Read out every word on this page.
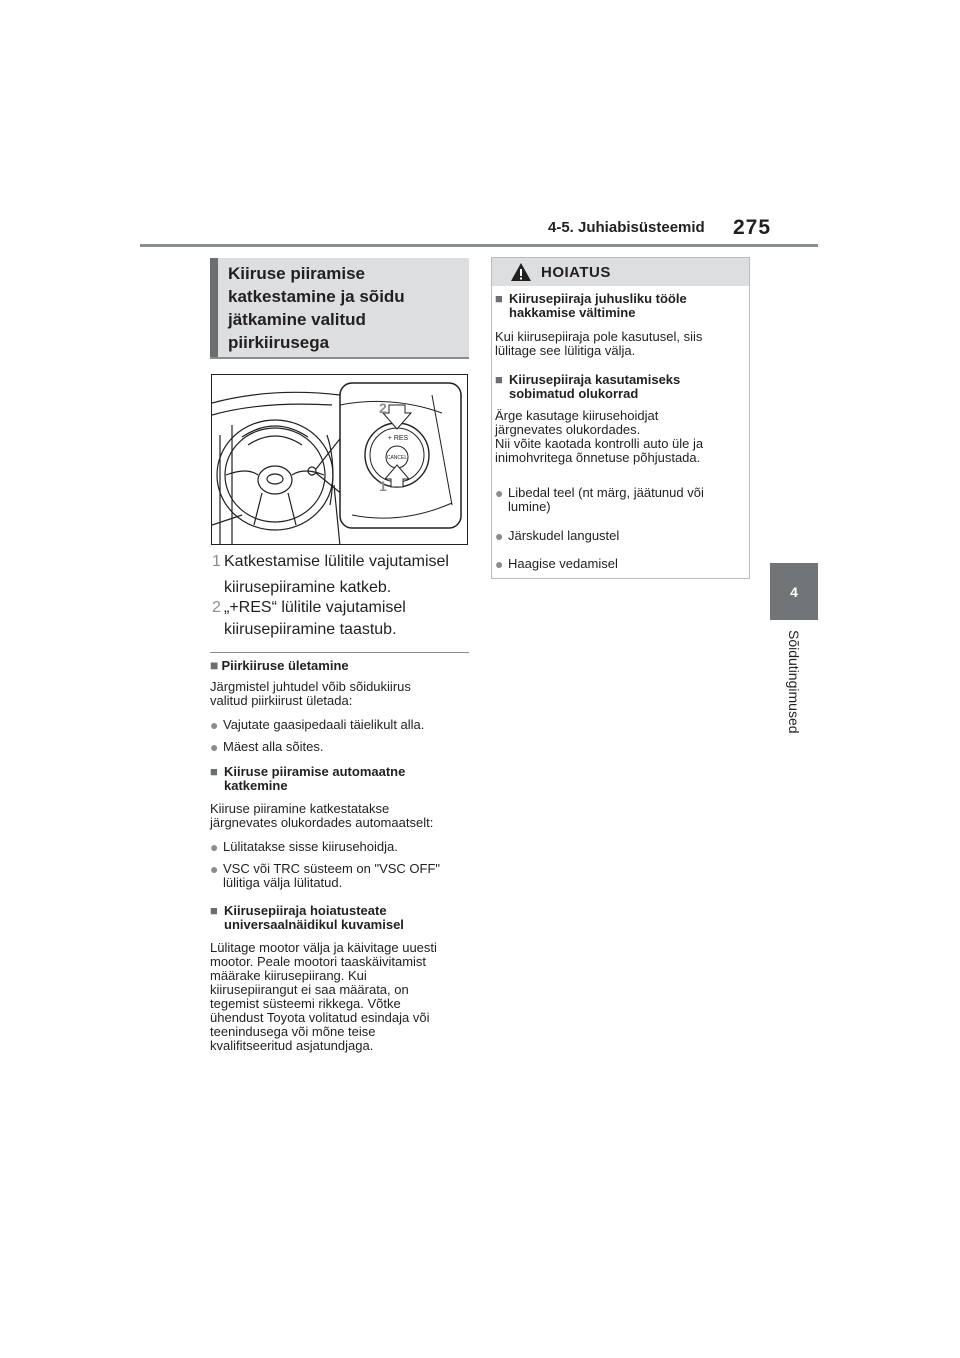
4-5. Juhiabisüsteemid 275
4
Sõidutingimused
Kiiruse piiramise
katkestamine ja sõidu
jätkamine valitud
piirkiirusega
+ RES
CANCEL
2
1
1 Katkestamise lülitile vajutamisel
kiirusepiiramine katkeb.
2 „+RES“ lülitile vajutamisel
kiirusepiiramine taastub.
■ Piirkiiruse ületamine
Järgmistel juhtudel võib sõidukiirus
valitud piirkiirust ületada:
● Vajutate gaasipedaali täielikult alla.
● Mäest alla sõites.
■ Kiiruse piiramise automaatne
katkemine
Kiiruse piiramine katkestatakse
järgnevates olukordades automaatselt:
● Lülitatakse sisse kiirusehoidja.
● VSC või TRC süsteem on "VSC OFF"
lülitiga välja lülitatud.
■ Kiirusepiiraja hoiatusteate
universaalnäidikul kuvamisel
Lülitage mootor välja ja käivitage uuesti
mootor. Peale mootori taaskäivitamist
määrake kiirusepiirang. Kui
kiirusepiirangut ei saa määrata, on
tegemist süsteemi rikkega. Võtke
ühendust Toyota volitatud esindaja või
teenindusega või mõne teise
kvalifitseeritud asjatundjaga.
HOIATUS
■ Kiirusepiiraja juhusliku tööle
hakkamise vältimine
Kui kiirusepiiraja pole kasutusel, siis
lülitage see lülitiga välja.
■ Kiirusepiiraja kasutamiseks
sobimatud olukorrad
Ärge kasutage kiirusehoidjat
järgnevates olukordades.
Nii võite kaotada kontrolli auto üle ja
inimohvritega õnnetuse põhjustada.
● Libedal teel (nt märg, jäätunud või
lumine)
● Järskudel langustel
● Haagise vedamisel
